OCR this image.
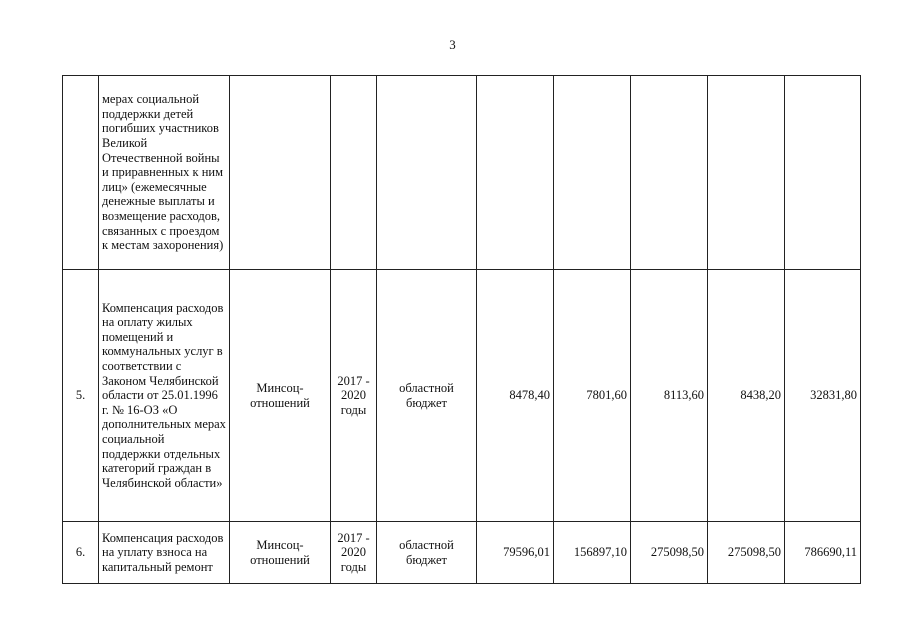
3
	мерах социальной поддержки детей погибших участников Великой Отечественной войны и приравненных к ним лиц» (ежемесячные денежные выплаты и возмещение расходов, связанных с проездом к местам захоронения)								
5.	Компенсация расходов на оплату жилых помещений и коммунальных услуг в соответствии с Законом Челябинской области от 25.01.1996 г. № 16-ОЗ «О дополнительных мерах социальной поддержки отдельных категорий граждан в Челябинской области»	Минсоц-отношений	2017 - 2020 годы	областной бюджет	8478,40	7801,60	8113,60	8438,20	32831,80
6.	Компенсация расходов на уплату взноса на капитальный ремонт	Минсоц-отношений	2017 - 2020 годы	областной бюджет	79596,01	156897,10	275098,50	275098,50	786690,11
